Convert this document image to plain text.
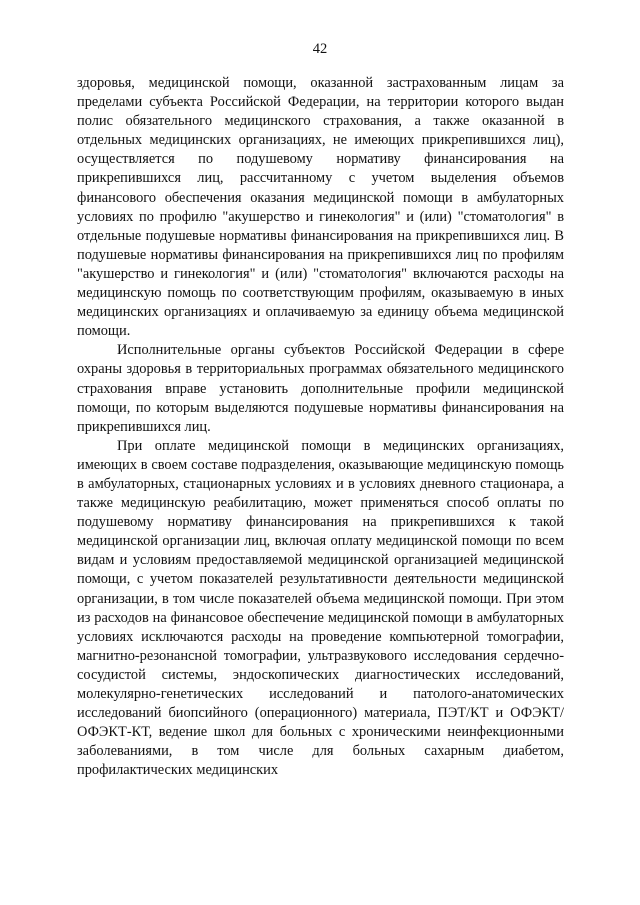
42

здоровья, медицинской помощи, оказанной застрахованным лицам за пределами субъекта Российской Федерации, на территории которого выдан полис обязательного медицинского страхования, а также оказанной в отдельных медицинских организациях, не имеющих прикрепившихся лиц), осуществляется по подушевому нормативу финансирования на прикрепившихся лиц, рассчитанному с учетом выделения объемов финансового обеспечения оказания медицинской помощи в амбулаторных условиях по профилю "акушерство и гинекология" и (или) "стоматология" в отдельные подушевые нормативы финансирования на прикрепившихся лиц. В подушевые нормативы финансирования на прикрепившихся лиц по профилям "акушерство и гинекология" и (или) "стоматология" включаются расходы на медицинскую помощь по соответствующим профилям, оказываемую в иных медицинских организациях и оплачиваемую за единицу объема медицинской помощи.

Исполнительные органы субъектов Российской Федерации в сфере охраны здоровья в территориальных программах обязательного медицинского страхования вправе установить дополнительные профили медицинской помощи, по которым выделяются подушевые нормативы финансирования на прикрепившихся лиц.

При оплате медицинской помощи в медицинских организациях, имеющих в своем составе подразделения, оказывающие медицинскую помощь в амбулаторных, стационарных условиях и в условиях дневного стационара, а также медицинскую реабилитацию, может применяться способ оплаты по подушевому нормативу финансирования на прикрепившихся к такой медицинской организации лиц, включая оплату медицинской помощи по всем видам и условиям предоставляемой медицинской организацией медицинской помощи, с учетом показателей результативности деятельности медицинской организации, в том числе показателей объема медицинской помощи. При этом из расходов на финансовое обеспечение медицинской помощи в амбулаторных условиях исключаются расходы на проведение компьютерной томографии, магнитно-резонансной томографии, ультразвукового исследования сердечно-сосудистой системы, эндоскопических диагностических исследований, молекулярно-генетических исследований и патолого-анатомических исследований биопсийного (операционного) материала, ПЭТ/КТ и ОФЭКТ/ОФЭКТ-КТ, ведение школ для больных с хроническими неинфекционными заболеваниями, в том числе для больных сахарным диабетом, профилактических медицинских
